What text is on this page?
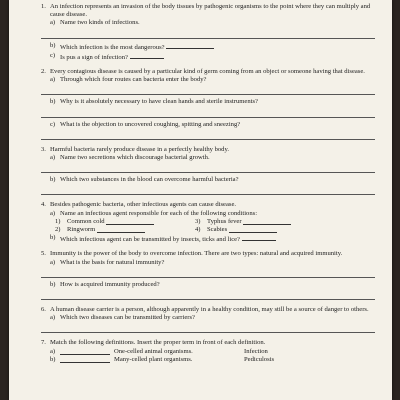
1. An infection represents an invasion of the body tissues by pathogenic organisms to the point where they can multiply and cause disease.
a) Name two kinds of infections.
b) Which infection is the most dangerous?
c) Is pus a sign of infection?
2. Every contagious disease is caused by a particular kind of germ coming from an object or someone having that disease.
a) Through which four routes can bacteria enter the body?
b) Why is it absolutely necessary to have clean hands and sterile instruments?
c) What is the objection to uncovered coughing, spitting and sneezing?
3. Harmful bacteria rarely produce disease in a perfectly healthy body.
a) Name two secretions which discourage bacterial growth.
b) Which two substances in the blood can overcome harmful bacteria?
4. Besides pathogenic bacteria, other infectious agents can cause disease.
a) Name an infectious agent responsible for each of the following conditions:
1) Common cold
	3) Typhus fever

2) Ringworm
	4) Scabies

b) Which infectious agent can be transmitted by insects, ticks and lice?
5. Immunity is the power of the body to overcome infection. There are two types: natural and acquired immunity.
a) What is the basis for natural immunity?
b) How is acquired immunity produced?
6. A human disease carrier is a person, although apparently in a healthy condition, may still be a source of danger to others.
a) Which two diseases can be transmitted by carriers?
7. Match the following definitions. Insert the proper term in front of each definition.
a)	One-celled animal organisms.	Infection
b)	Many-celled plant organisms.	Pediculosis
